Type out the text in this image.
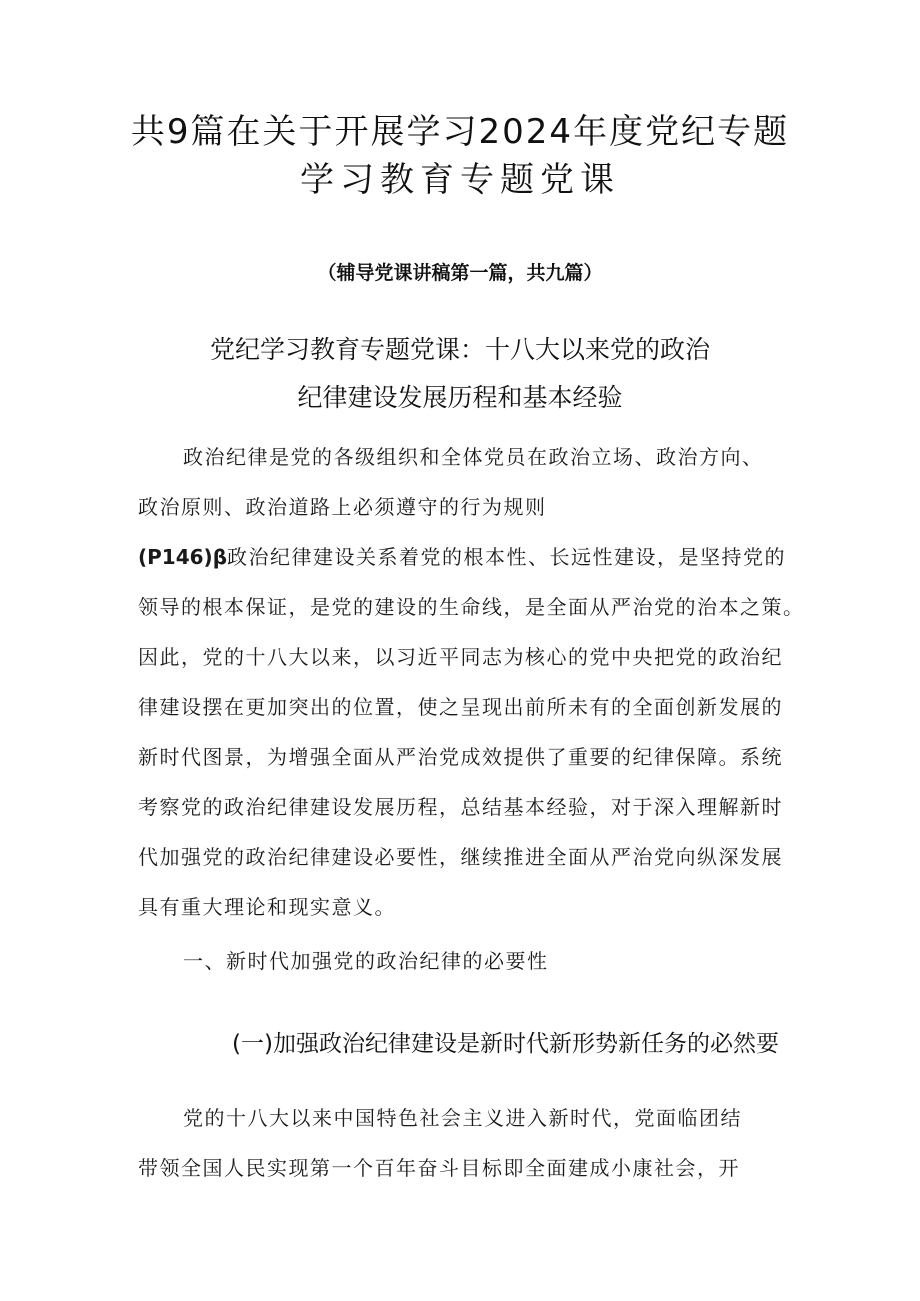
共9篇在关于开展学习2024年度党纪专题
学习教育专题党课
（辅导党课讲稿第一篇，共九篇）
党纪学习教育专题党课：十八大以来党的政治
纪律建设发展历程和基本经验
政治纪律是党的各级组织和全体党员在政治立场、政治方向、
政治原则、政治道路上必须遵守的行为规则
(P146)β政治纪律建设关系着党的根本性、长远性建设，是坚持党的
领导的根本保证，是党的建设的生命线，是全面从严治党的治本之策。
因此，党的十八大以来，以习近平同志为核心的党中央把党的政治纪
律建设摆在更加突出的位置，使之呈现出前所未有的全面创新发展的
新时代图景，为增强全面从严治党成效提供了重要的纪律保障。系统
考察党的政治纪律建设发展历程，总结基本经验，对于深入理解新时
代加强党的政治纪律建设必要性，继续推进全面从严治党向纵深发展
具有重大理论和现实意义。
一、新时代加强党的政治纪律的必要性
(一)加强政治纪律建设是新时代新形势新任务的必然要
党的十八大以来中国特色社会主义进入新时代，党面临团结
带领全国人民实现第一个百年奋斗目标即全面建成小康社会，开
